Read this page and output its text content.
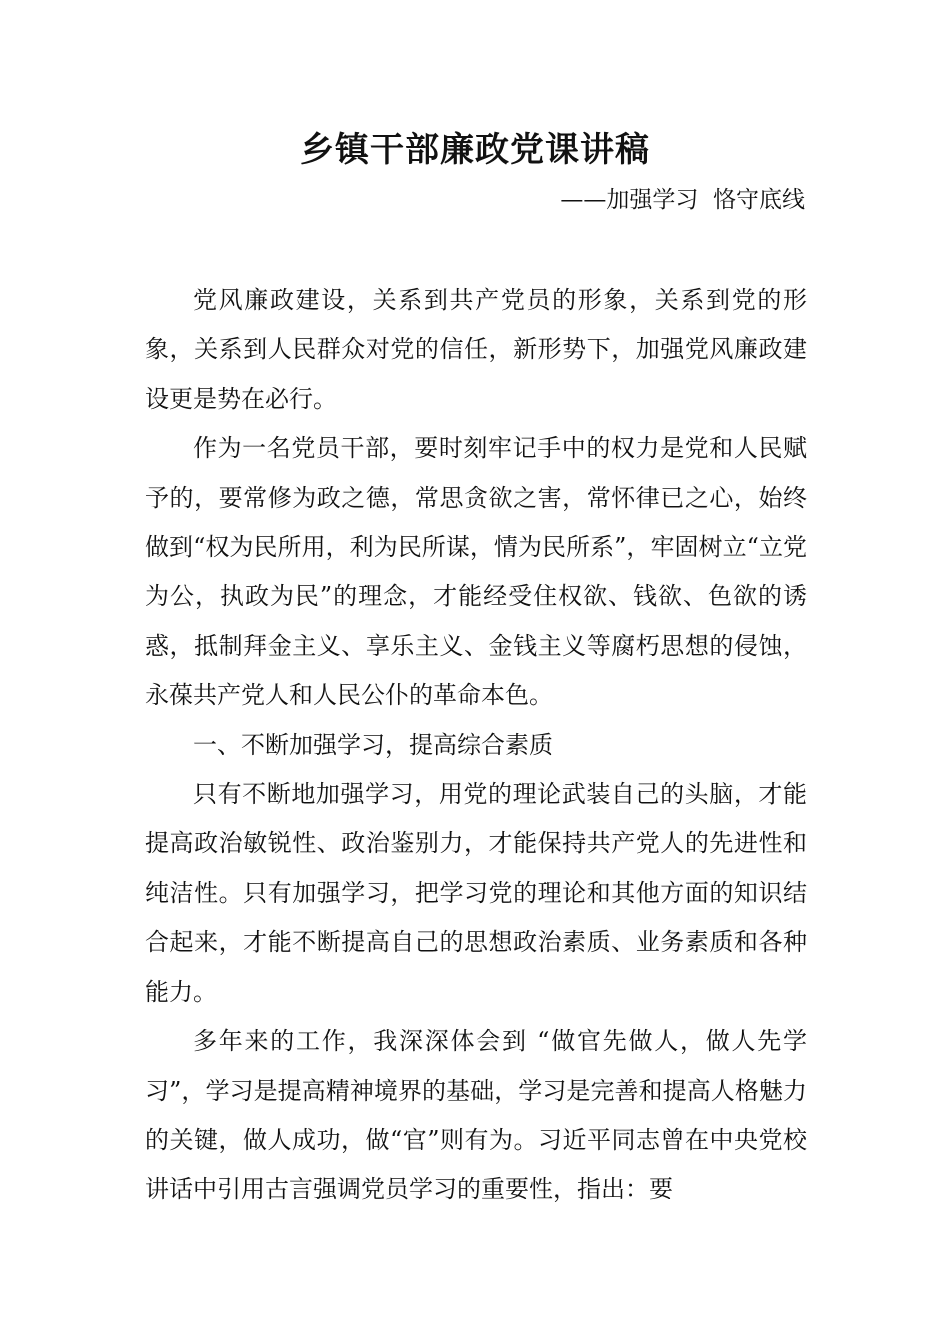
乡镇干部廉政党课讲稿

——加强学习  恪守底线

党风廉政建设，关系到共产党员的形象，关系到党的形象，关系到人民群众对党的信任，新形势下，加强党风廉政建设更是势在必行。

作为一名党员干部，要时刻牢记手中的权力是党和人民赋予的，要常修为政之德，常思贪欲之害，常怀律已之心，始终做到“权为民所用，利为民所谋，情为民所系”，牢固树立“立党为公，执政为民”的理念，才能经受住权欲、钱欲、色欲的诱惑，抵制拜金主义、享乐主义、金钱主义等腐朽思想的侵蚀，永葆共产党人和人民公仆的革命本色。

一、不断加强学习，提高综合素质

只有不断地加强学习，用党的理论武装自己的头脑，才能提高政治敏锐性、政治鉴别力，才能保持共产党人的先进性和纯洁性。只有加强学习，把学习党的理论和其他方面的知识结合起来，才能不断提高自己的思想政治素质、业务素质和各种能力。

多年来的工作，我深深体会到 “做官先做人，做人先学习”，学习是提高精神境界的基础，学习是完善和提高人格魅力的关键，做人成功，做“官”则有为。习近平同志曾在中央党校讲话中引用古言强调党员学习的重要性，指出：要
